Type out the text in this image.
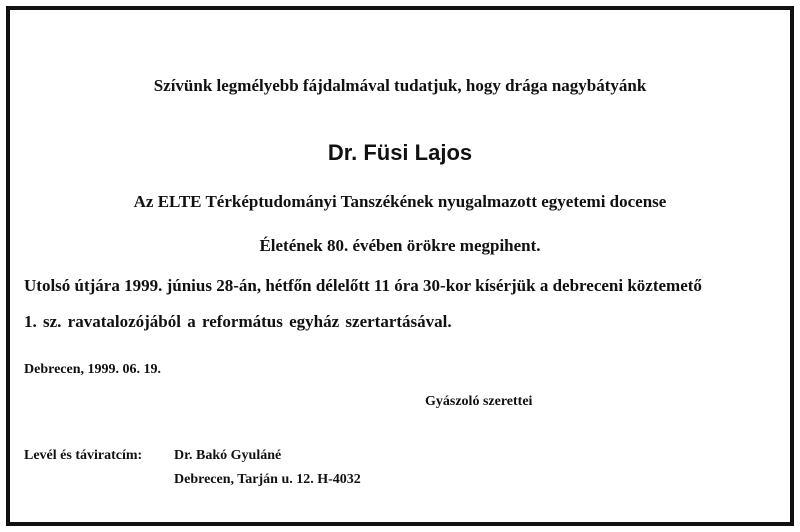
Szívünk legmélyebb fájdalmával tudatjuk, hogy drága nagybátyánk
Dr. Füsi Lajos
Az ELTE Térképtudományi Tanszékének nyugalmazott egyetemi docense
Életének 80. évében örökre megpihent.
Utolsó útjára 1999. június 28-án, hétfőn délelőtt 11 óra 30-kor kísérjük a debreceni köztemető
1. sz. ravatalozójából a református egyház szertartásával.
Debrecen, 1999. 06. 19.
Gyászoló szerettei
Levél és táviratcím: Dr. Bakó Gyuláné
Debrecen, Tarján u. 12. H-4032
